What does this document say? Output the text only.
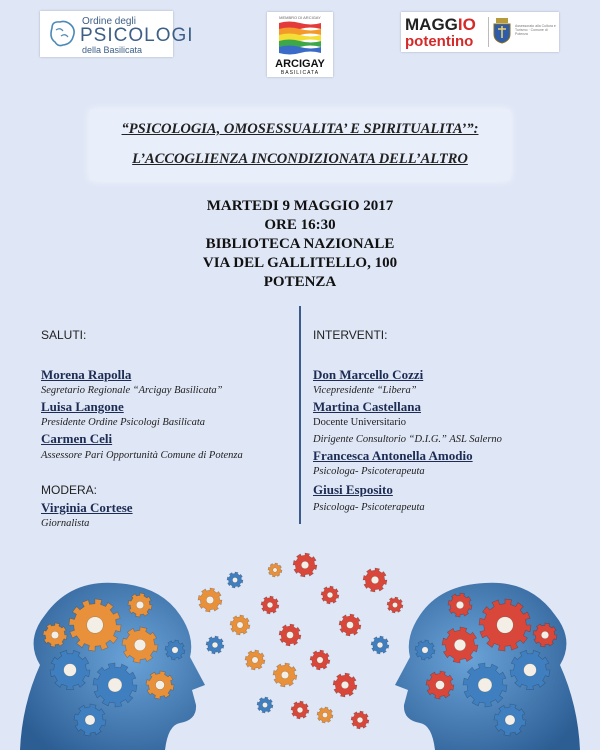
Ordine degli
PSICOLOGI
della Basilicata
MEMBRO DI ARCIGAY
ARCIGAY
BASILICATA
MAGGIO
potentino
Assessorato alla Cultura e Turismo · Comune di Potenza
“PSICOLOGIA, OMOSESSUALITA’ E SPIRITUALITA’”:
L’ACCOGLIENZA INCONDIZIONATA DELL’ALTRO
MARTEDI 9 MAGGIO 2017
ORE 16:30
BIBLIOTECA NAZIONALE
VIA DEL GALLITELLO, 100
POTENZA
SALUTI:
Morena Rapolla
Segretario Regionale “Arcigay Basilicata”
Luisa Langone
Presidente Ordine Psicologi Basilicata
Carmen Celi
Assessore Pari Opportunità Comune di Potenza
MODERA:
Virginia Cortese
Giornalista
INTERVENTI:
Don Marcello Cozzi
Vicepresidente “Libera”
Martina Castellana
Docente Universitario
Dirigente Consultorio “D.I.G.” ASL Salerno
Francesca Antonella Amodio
Psicologa- Psicoterapeuta
Giusi Esposito
Psicologa- Psicoterapeuta
